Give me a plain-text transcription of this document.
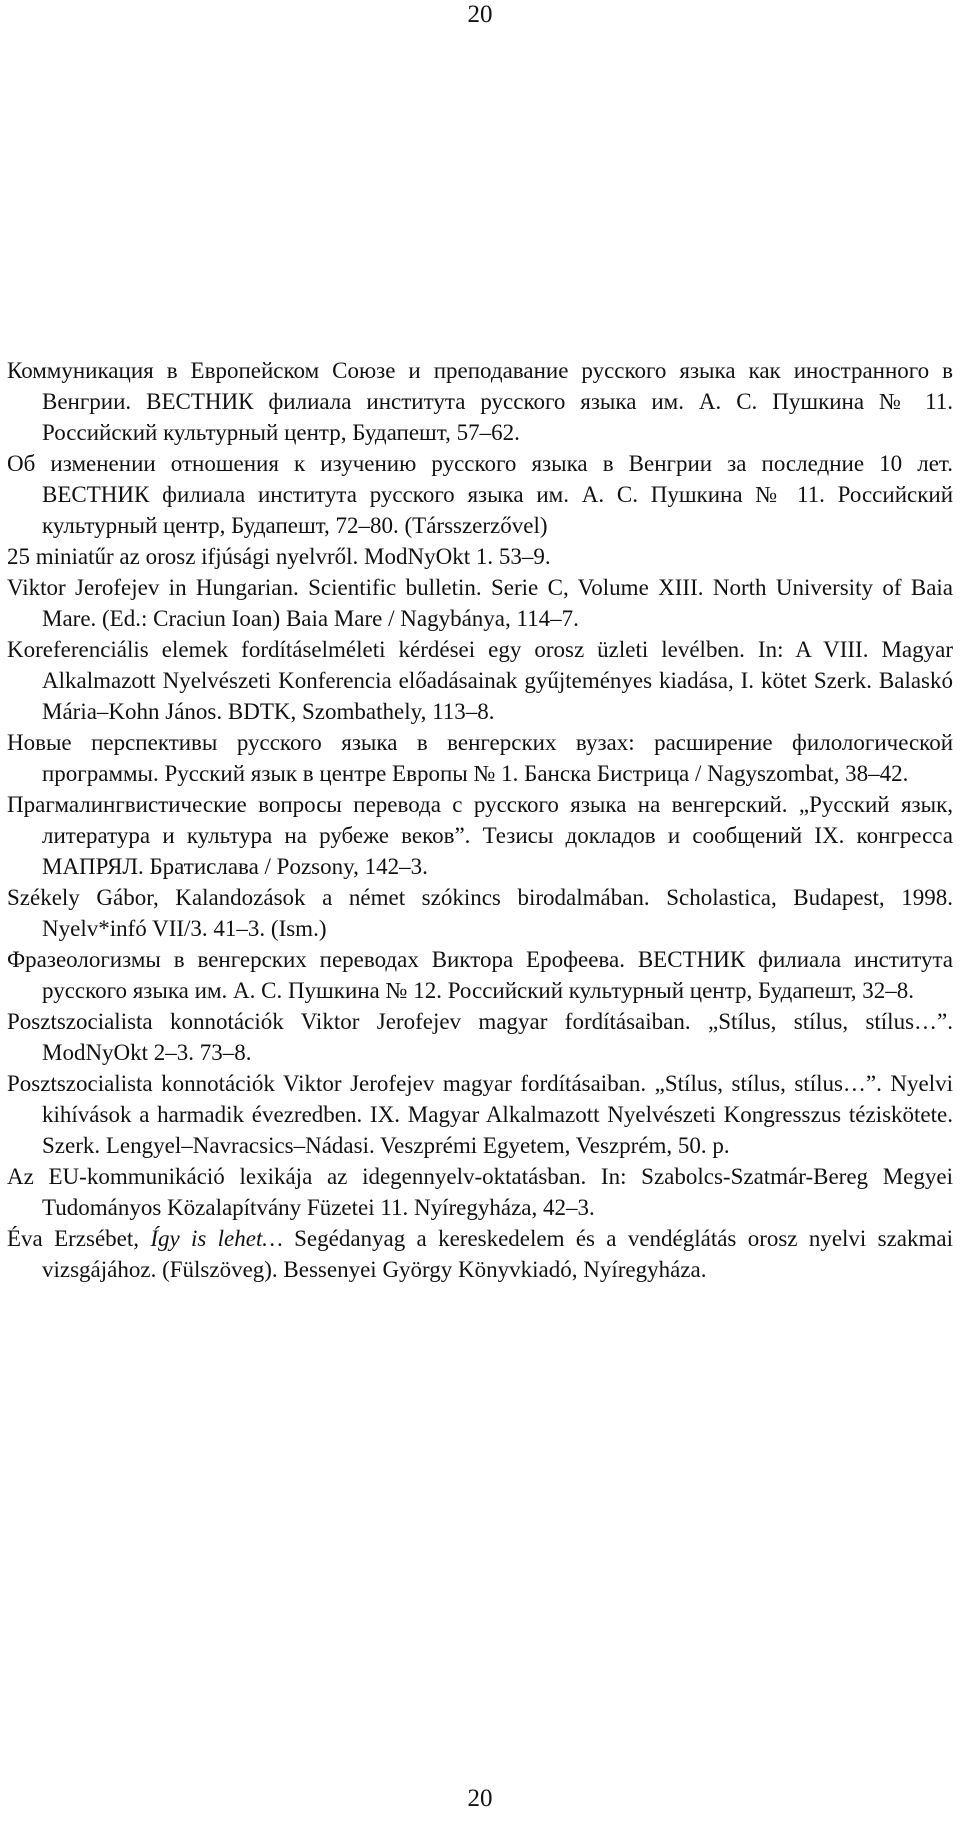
20
Коммуникация в Европейском Союзе и преподавание русского языка как иностранного в Венгрии. ВЕСТНИК филиала института русского языка им. А. С. Пушкина № 11. Российский культурный центр, Будапешт, 57–62.
Об изменении отношения к изучению русского языка в Венгрии за последние 10 лет. ВЕСТНИК филиала института русского языка им. А. С. Пушкина № 11. Российский культурный центр, Будапешт, 72–80. (Társszerzővel)
25 miniatűr az orosz ifjúsági nyelvről. ModNyOkt 1. 53–9.
Viktor Jerofejev in Hungarian. Scientific bulletin. Serie C, Volume XIII. North University of Baia Mare. (Ed.: Craciun Ioan) Baia Mare / Nagybánya, 114–7.
Koreferenciális elemek fordításelméleti kérdései egy orosz üzleti levélben. In: A VIII. Magyar Alkalmazott Nyelvészeti Konferencia előadásainak gyűjteményes kiadása, I. kötet Szerk. Balaskó Mária–Kohn János. BDTK, Szombathely, 113–8.
Новые перспективы русского языка в венгерских вузах: расширение филологической программы. Русский язык в центре Европы № 1. Банска Бистрица / Nagyszombat, 38–42.
Прагмалингвистические вопросы перевода с русского языка на венгерский. „Русский язык, литература и культура на рубеже веков”. Тезисы докладов и сообщений IX. конгресса МАПРЯЛ. Братислава / Pozsony, 142–3.
Székely Gábor, Kalandozások a német szókincs birodalmában. Scholastica, Budapest, 1998. Nyelv*infó VII/3. 41–3. (Ism.)
Фразеологизмы в венгерских переводах Виктора Ерофеева. ВЕСТНИК филиала института русского языка им. А. С. Пушкина № 12. Российский культурный центр, Будапешт, 32–8.
Posztszocialista konnotációk Viktor Jerofejev magyar fordításaiban. „Stílus, stílus, stílus…”. ModNyOkt 2–3. 73–8.
Posztszocialista konnotációk Viktor Jerofejev magyar fordításaiban. „Stílus, stílus, stílus…”. Nyelvi kihívások a harmadik évezredben. IX. Magyar Alkalmazott Nyelvészeti Kongresszus téziskötete. Szerk. Lengyel–Navracsics–Nádasi. Veszprémi Egyetem, Veszprém, 50. p.
Az EU-kommunikáció lexikája az idegennyelv-oktatásban. In: Szabolcs-Szatmár-Bereg Megyei Tudományos Közalapítvány Füzetei 11. Nyíregyháza, 42–3.
Éva Erzsébet, Így is lehet… Segédanyag a kereskedelem és a vendéglátás orosz nyelvi szakmai vizsgájához. (Fülszöveg). Bessenyei György Könyvkiadó, Nyíregyháza.
20
